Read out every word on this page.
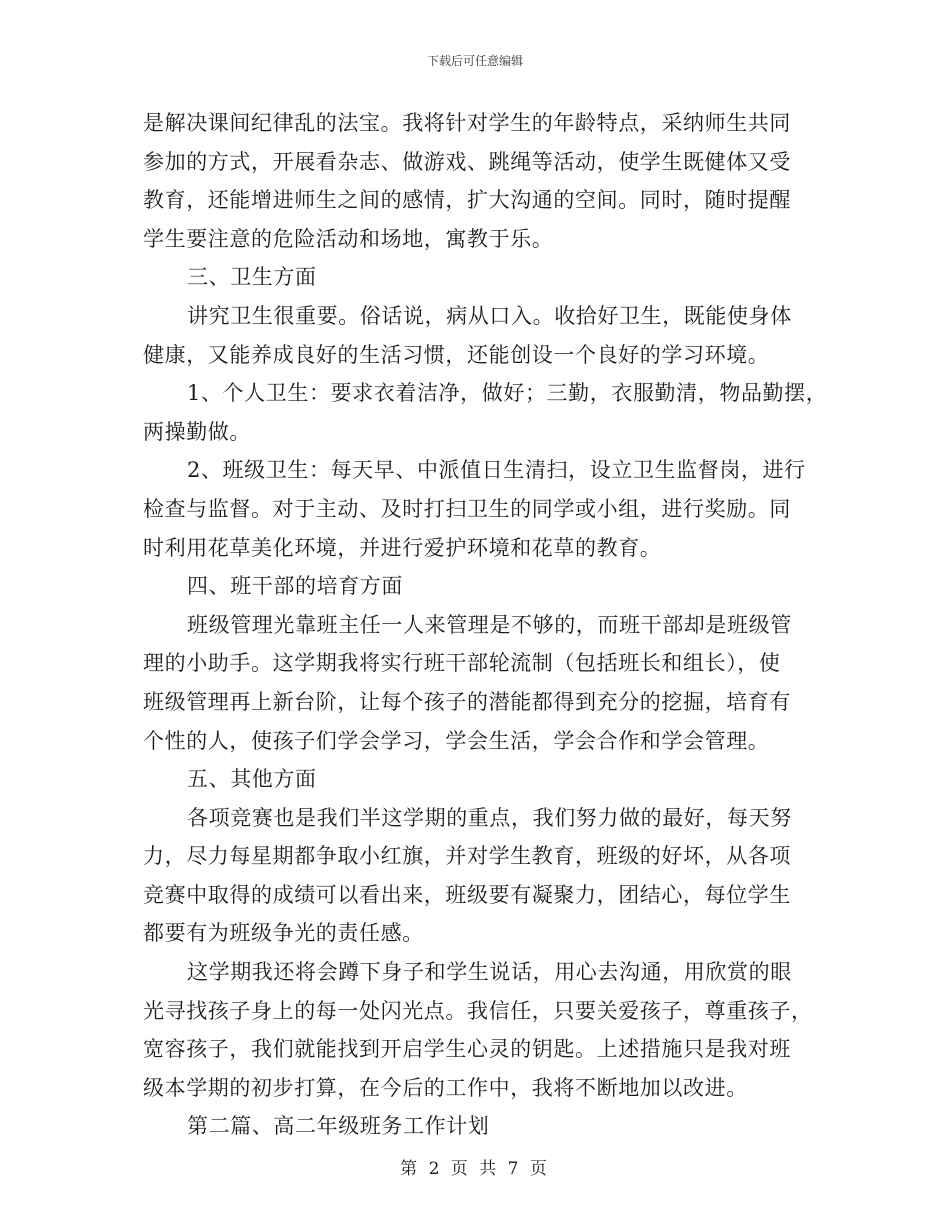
下载后可任意编辑
是解决课间纪律乱的法宝。我将针对学生的年龄特点，采纳师生共同
参加的方式，开展看杂志、做游戏、跳绳等活动，使学生既健体又受
教育，还能增进师生之间的感情，扩大沟通的空间。同时，随时提醒
学生要注意的危险活动和场地，寓教于乐。
三、卫生方面
讲究卫生很重要。俗话说，病从口入。收拾好卫生，既能使身体
健康，又能养成良好的生活习惯，还能创设一个良好的学习环境。
1、个人卫生：要求衣着洁净，做好；三勤，衣服勤清，物品勤摆，
两操勤做。
2、班级卫生：每天早、中派值日生清扫，设立卫生监督岗，进行
检查与监督。对于主动、及时打扫卫生的同学或小组，进行奖励。同
时利用花草美化环境，并进行爱护环境和花草的教育。
四、班干部的培育方面
班级管理光靠班主任一人来管理是不够的，而班干部却是班级管
理的小助手。这学期我将实行班干部轮流制（包括班长和组长），使
班级管理再上新台阶，让每个孩子的潜能都得到充分的挖掘，培育有
个性的人，使孩子们学会学习，学会生活，学会合作和学会管理。
五、其他方面
各项竞赛也是我们半这学期的重点，我们努力做的最好，每天努
力，尽力每星期都争取小红旗，并对学生教育，班级的好坏，从各项
竞赛中取得的成绩可以看出来，班级要有凝聚力，团结心，每位学生
都要有为班级争光的责任感。
这学期我还将会蹲下身子和学生说话，用心去沟通，用欣赏的眼
光寻找孩子身上的每一处闪光点。我信任，只要关爱孩子，尊重孩子，
宽容孩子，我们就能找到开启学生心灵的钥匙。上述措施只是我对班
级本学期的初步打算，在今后的工作中，我将不断地加以改进。
第二篇、高二年级班务工作计划
第 2 页 共 7 页
